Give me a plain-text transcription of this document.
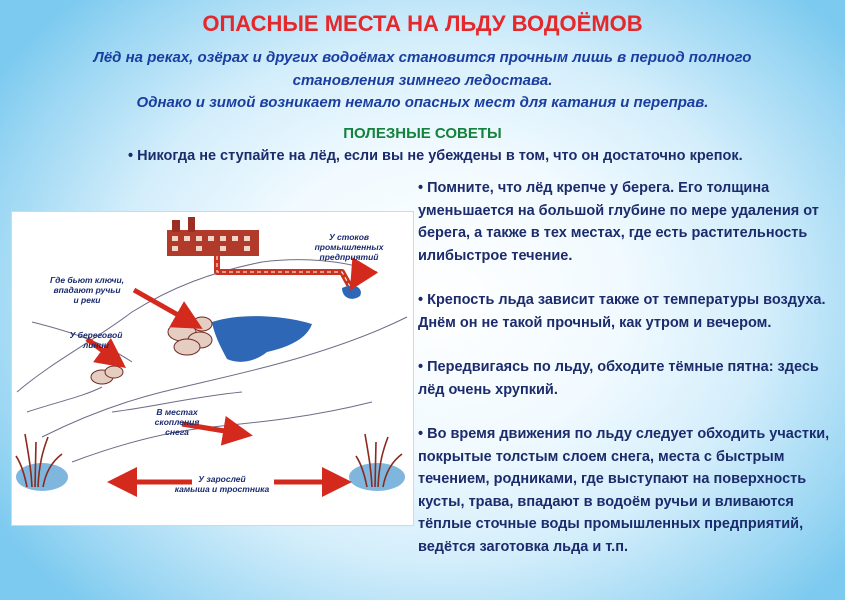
ОПАСНЫЕ МЕСТА НА ЛЬДУ ВОДОЁМОВ
Лёд на реках, озёрах и других водоёмах становится прочным лишь в период полного
становления зимнего ледостава.
Однако и зимой возникает немало опасных мест для катания и переправ.
ПОЛЕЗНЫЕ СОВЕТЫ

• Никогда не ступайте на лёд, если вы не убеждены в том, что он достаточно крепок.

• Помните, что лёд крепче у берега. Его толщина уменьшается на большой глубине по мере удаления от берега, а также в тех местах, где есть растительность илибыстрое течение.

• Крепость льда зависит также от температуры воздуха.

Днём он не такой прочный, как утром и вечером.

• Передвигаясь по льду, обходите тёмные пятна: здесь лёд очень хрупкий.

• Во время движения по льду следует обходить участки, покрытые толстым слоем снега, места с быстрым течением, родниками, где выступают на поверхность кусты, трава, впадают в водоём ручьи и вливаются тёплые сточные воды промышленных предприятий, ведётся заготовка льда и т.п.

Где бьют ключи,
впадают ручьи
и реки
У стоков
промышленных
предприятий
У береговой
линии
В местах
скопления
снега
У зарослей
камыша и тростника
